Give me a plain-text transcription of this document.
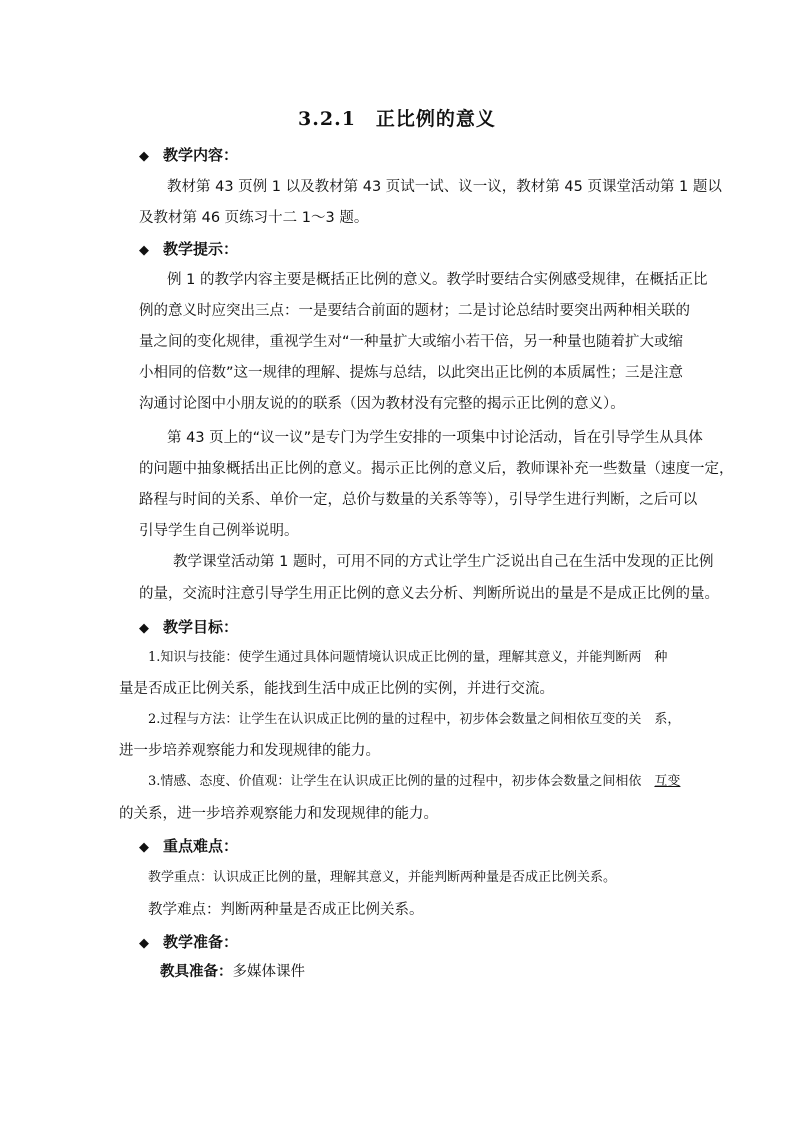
3.2.1　正比例的意义
◆ 教学内容：
教材第 43 页例 1 以及教材第 43 页试一试、议一议，教材第 45 页课堂活动第 1 题以
及教材第 46 页练习十二 1～3 题。
◆ 教学提示：
例 1 的教学内容主要是概括正比例的意义。教学时要结合实例感受规律，在概括正比
例的意义时应突出三点：一是要结合前面的题材；二是讨论总结时要突出两种相关联的
量之间的变化规律，重视学生对“一种量扩大或缩小若干倍，另一种量也随着扩大或缩
小相同的倍数”这一规律的理解、提炼与总结，以此突出正比例的本质属性；三是注意
沟通讨论图中小朋友说的的联系（因为教材没有完整的揭示正比例的意义）。
第 43 页上的“议一议”是专门为学生安排的一项集中讨论活动，旨在引导学生从具体
的问题中抽象概括出正比例的意义。揭示正比例的意义后，教师课补充一些数量（速度一定，
路程与时间的关系、单价一定，总价与数量的关系等等），引导学生进行判断，之后可以
引导学生自己例举说明。
教学课堂活动第 1 题时，可用不同的方式让学生广泛说出自己在生活中发现的正比例
的量，交流时注意引导学生用正比例的意义去分析、判断所说出的量是不是成正比例的量。
◆ 教学目标：
1.知识与技能：使学生通过具体问题情境认识成正比例的量，理解其意义，并能判断两　种
量是否成正比例关系，能找到生活中成正比例的实例，并进行交流。
2.过程与方法：让学生在认识成正比例的量的过程中，初步体会数量之间相依互变的关　系，
进一步培养观察能力和发现规律的能力。
3.情感、态度、价值观：让学生在认识成正比例的量的过程中，初步体会数量之间相依　互变
的关系，进一步培养观察能力和发现规律的能力。
◆ 重点难点：
教学重点：认识成正比例的量，理解其意义，并能判断两种量是否成正比例关系。
教学难点：判断两种量是否成正比例关系。
◆ 教学准备：
教具准备：多媒体课件
